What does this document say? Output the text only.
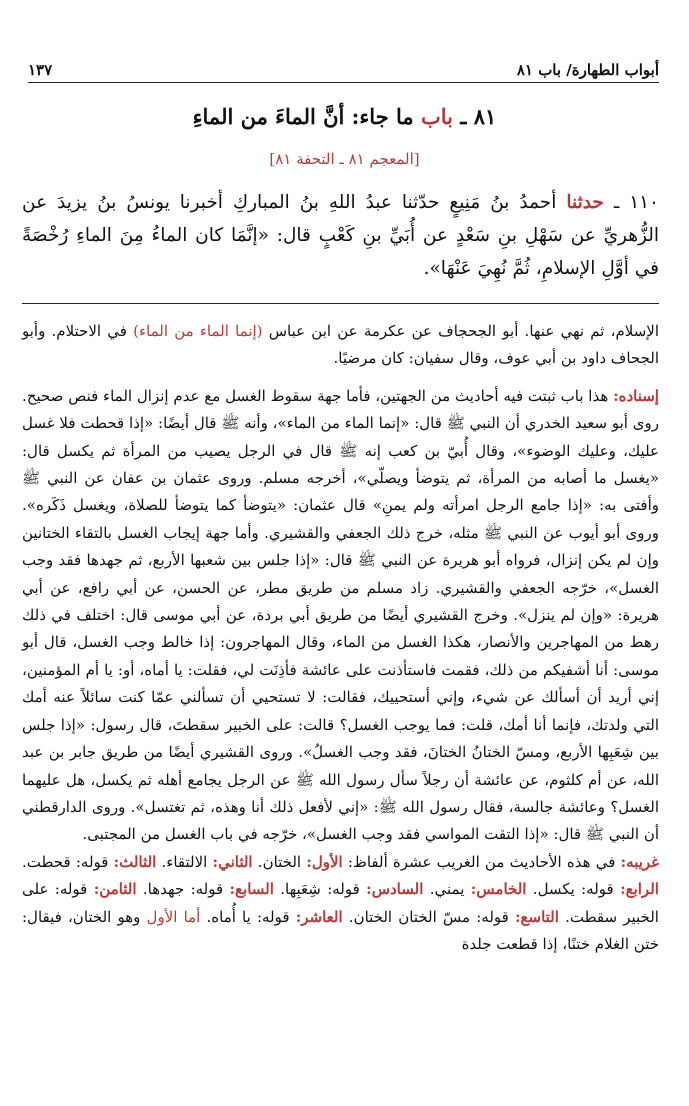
أبواب الطهارة/ باب ٨١
١٣٧
٨١ ـ باب ما جاء: أنَّ الماءَ من الماءِ
[المعجم ٨١ ـ التحفة ٨١]
١١٠ ـ حدثنا أحمدُ بنُ مَنِيعٍ حدّثنا عبدُ اللهِ بنُ المباركِ أخبرنا يونسُ بنُ يزيدَ عن الزُّهريِّ عن سَهْلِ بنِ سَعْدٍ عن أُبَيِّ بنِ كَعْبٍ قال: «إنَّمَا كان الماءُ مِنَ الماءِ رُخْصَةً في أوَّلِ الإسلامِ، ثُمَّ نُهِيَ عَنْهَا».

الإسلام، ثم نهي عنها. أبو الجحجاف عن عكرمة عن ابن عباس (إنما الماء من الماء) في الاحتلام. وأبو الجحاف داود بن أبي عوف، وقال سفيان: كان مرضيًا.

إسناده: هذا باب ثبتت فيه أحاديث من الجهتين، فأما جهة سقوط الغسل مع عدم إنزال الماء فنص صحيح. روى أبو سعيد الخدري أن النبي ﷺ قال: «إنما الماء من الماء»، وأنه ﷺ قال أيضًا: «إذا قحطت فلا غسل عليك، وعليك الوضوء»، وقال أُبيّ بن كعب إنه ﷺ قال في الرجل يصيب من المرأة ثم يكسل قال: «يغسل ما أصابه من المرأة، ثم يتوضأ ويصلّي»، أخرجه مسلم. وروى عثمان بن عفان عن النبي ﷺ وأفتى به: «إذا جامع الرجل امرأته ولم يمنِ» قال عثمان: «يتوضأ كما يتوضأ للصلاة، ويغسل ذَكَره». وروى أبو أيوب عن النبي ﷺ مثله، خرج ذلك الجعفي والقشيري. وأما جهة إيجاب الغسل بالتقاء الختانين وإن لم يكن إنزال، فرواه أبو هريرة عن النبي ﷺ قال: «إذا جلس بين شعبها الأربع، ثم جهدها فقد وجب الغسل»، خرّجه الجعفي والقشيري. زاد مسلم من طريق مطر، عن الحسن، عن أبي رافع، عن أبي هريرة: «وإن لم ينزل». وخرج القشيري أيضًا من طريق أبي بردة، عن أبي موسى قال: اختلف في ذلك رهط من المهاجرين والأنصار، هكذا الغسل من الماء، وقال المهاجرون: إذا خالط وجب الغسل، قال أبو موسى: أنا أشفيكم من ذلك، فقمت فاستأذنت على عائشة فأذِنَت لي، فقلت: يا أماه، أو: يا أم المؤمنين، إني أريد أن أسألك عن شيء، وإني أستحييك، فقالت: لا تستحيي أن تسألني عمّا كنت سائلاً عنه أمك التي ولدتك، فإنما أنا أمك، قلت: فما يوجب الغسل؟ قالت: على الخبير سقطتَ، قال رسول: «إذا جلس بين شِعَبِها الأربع، ومسّ الختانُ الختانَ، فقد وجب الغسلُ». وروى القشيري أيضًا من طريق جابر بن عبد الله، عن أم كلثوم، عن عائشة أن رجلاً سأل رسول الله ﷺ عن الرجل يجامع أهله ثم يكسل، هل عليهما الغسل؟ وعائشة جالسة، فقال رسول الله ﷺ: «إني لأفعل ذلك أنا وهذه، ثم تغتسل». وروى الدارقطني أن النبي ﷺ قال: «إذا التقت المواسي فقد وجب الغسل»، خرّجه في باب الغسل من المجتبى.

غريبه: في هذه الأحاديث من الغريب عشرة ألفاظ: الأول: الختان. الثاني: الالتقاء. الثالث: قوله: قحطت. الرابع: قوله: يكسل. الخامس: يمني. السادس: قوله: شِعَبِها. السابع: قوله: جهدها. الثامن: قوله: على الخبير سقطت. التاسع: قوله: مسّ الختان الختان. العاشر: قوله: يا أُماه. أما الأول وهو الختان، فيقال: ختن الغلام ختنًا، إذا قطعت جلدة
